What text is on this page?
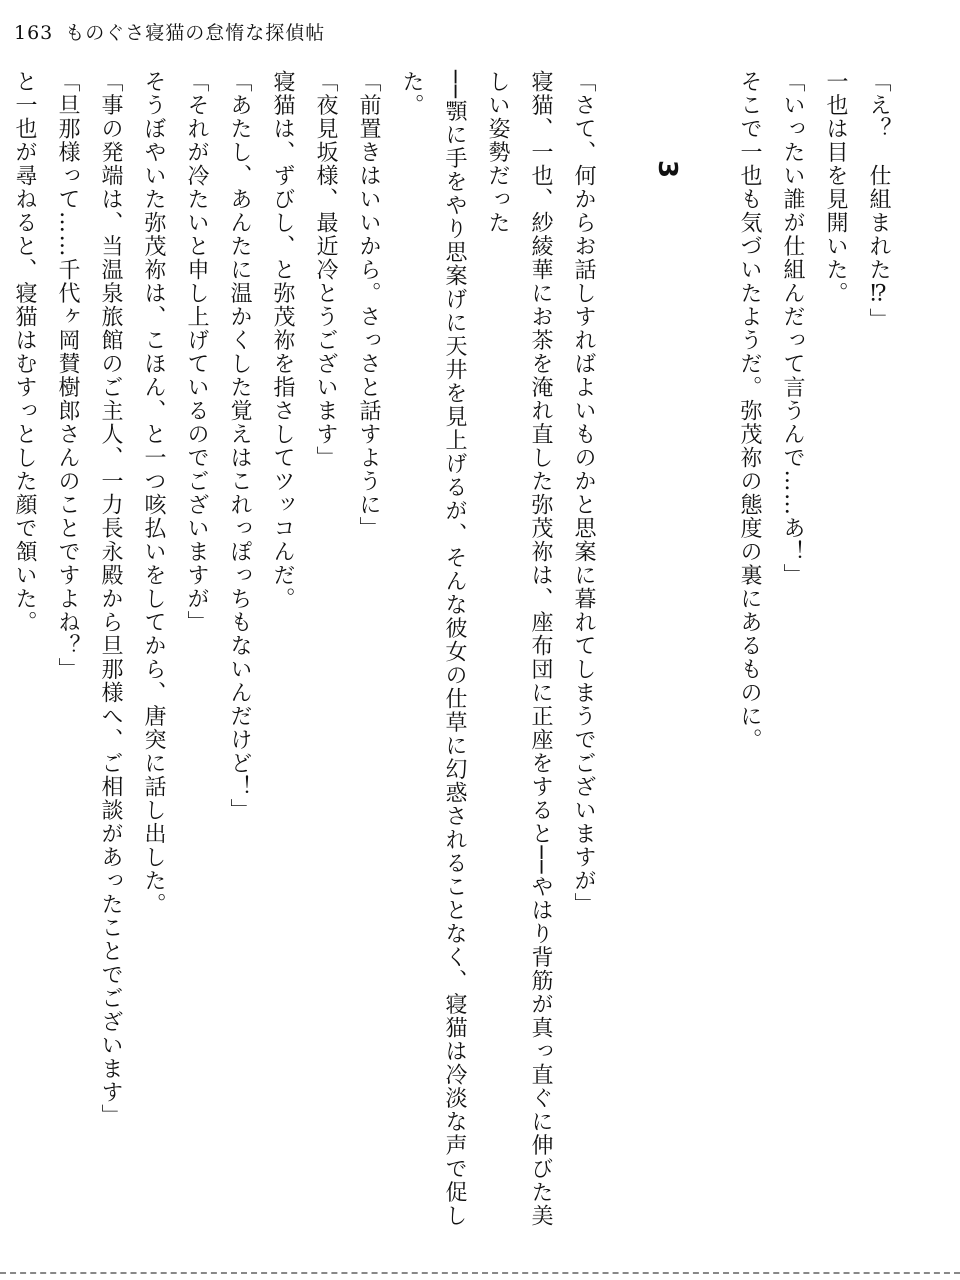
163 ものぐさ寝猫の怠惰な探偵帖

「え？　仕組まれた⁉」

一也は目を見開いた。

「いったい誰が仕組んだって言うんで……あ！」

そこで一也も気づいたようだ。弥茂祢の態度の裏にあるものに。

3

「さて、何からお話しすればよいものかと思案に暮れてしまうでございますが」

寝猫、一也、紗綾華にお茶を淹れ直した弥茂祢は、座布団に正座をすると──やはり背筋が真っ直ぐに伸びた美しい姿勢だった

──顎に手をやり思案げに天井を見上げるが、そんな彼女の仕草に幻惑されることなく、寝猫は冷淡な声で促した。

「前置きはいいから。さっさと話すように」

「夜見坂様、最近冷とうございます」

寝猫は、ずびし、と弥茂祢を指さしてツッコんだ。

「あたし、あんたに温かくした覚えはこれっぽっちもないんだけど！」

「それが冷たいと申し上げているのでございますが」

そうぼやいた弥茂祢は、こほん、と一つ咳払いをしてから、唐突に話し出した。

「事の発端は、当温泉旅館のご主人、一力長永殿から旦那様へ、ご相談があったことでございます」

「旦那様って……千代ヶ岡賛樹郎さんのことですよね？」

と一也が尋ねると、寝猫はむすっとした顔で頷いた。
